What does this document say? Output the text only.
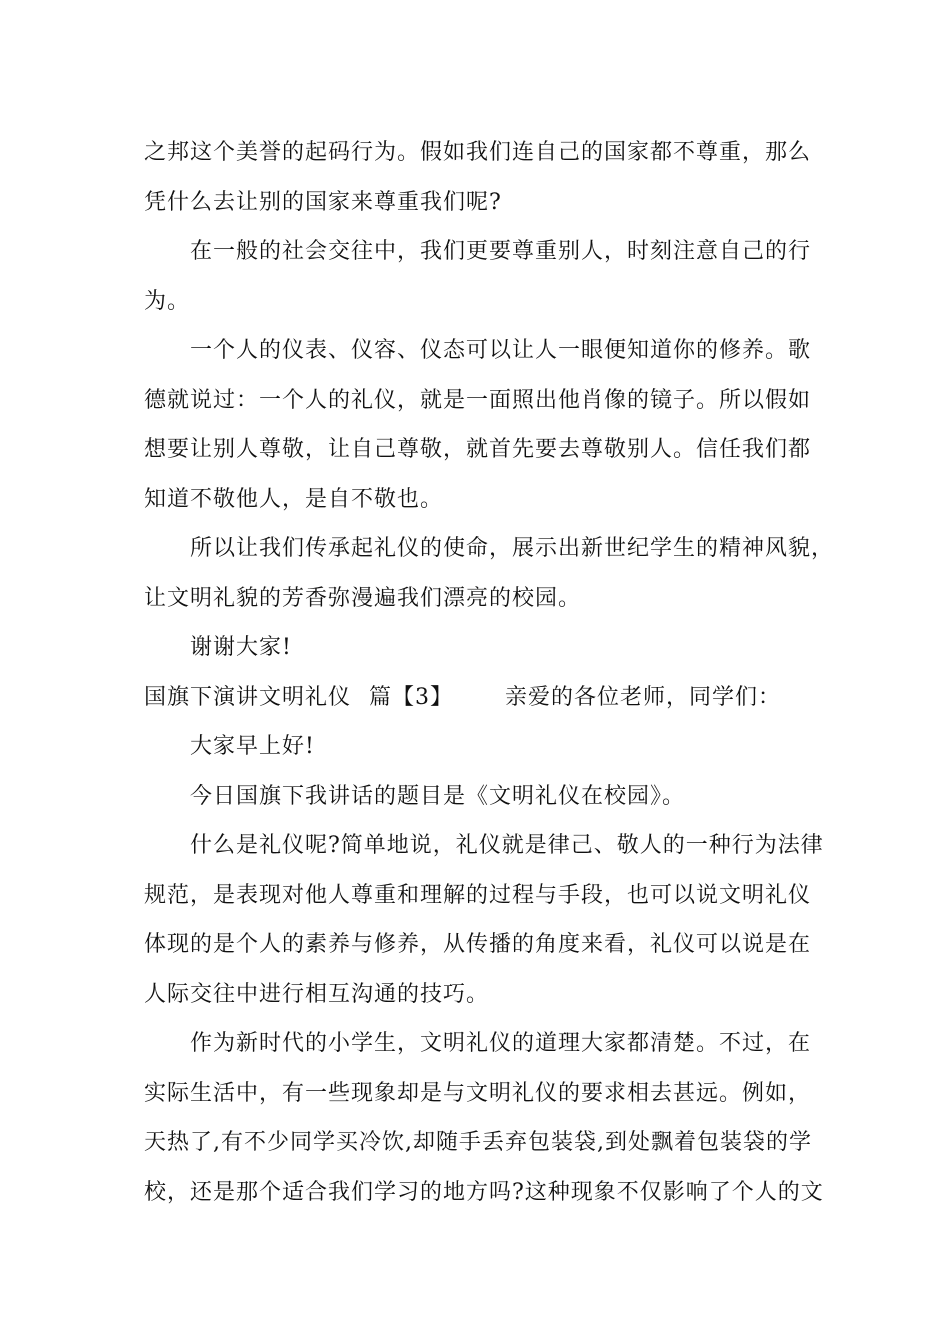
之邦这个美誉的起码行为。假如我们连自己的国家都不尊重，那么
凭什么去让别的国家来尊重我们呢?
在一般的社会交往中，我们更要尊重别人，时刻注意自己的行
为。
一个人的仪表、仪容、仪态可以让人一眼便知道你的修养。歌
德就说过：一个人的礼仪，就是一面照出他肖像的镜子。所以假如
想要让别人尊敬，让自己尊敬，就首先要去尊敬别人。信任我们都
知道不敬他人，是自不敬也。
所以让我们传承起礼仪的使命，展示出新世纪学生的精神风貌，
让文明礼貌的芳香弥漫遍我们漂亮的校园。
谢谢大家!
国旗下演讲文明礼仪 篇【3】 亲爱的各位老师，同学们：
大家早上好!
今日国旗下我讲话的题目是《文明礼仪在校园》。
什么是礼仪呢?简单地说，礼仪就是律己、敬人的一种行为法律
规范，是表现对他人尊重和理解的过程与手段，也可以说文明礼仪
体现的是个人的素养与修养，从传播的角度来看，礼仪可以说是在
人际交往中进行相互沟通的技巧。
作为新时代的小学生，文明礼仪的道理大家都清楚。不过，在
实际生活中，有一些现象却是与文明礼仪的要求相去甚远。例如，
天热了,有不少同学买冷饮,却随手丢弃包装袋,到处飘着包装袋的学
校，还是那个适合我们学习的地方吗?这种现象不仅影响了个人的文
